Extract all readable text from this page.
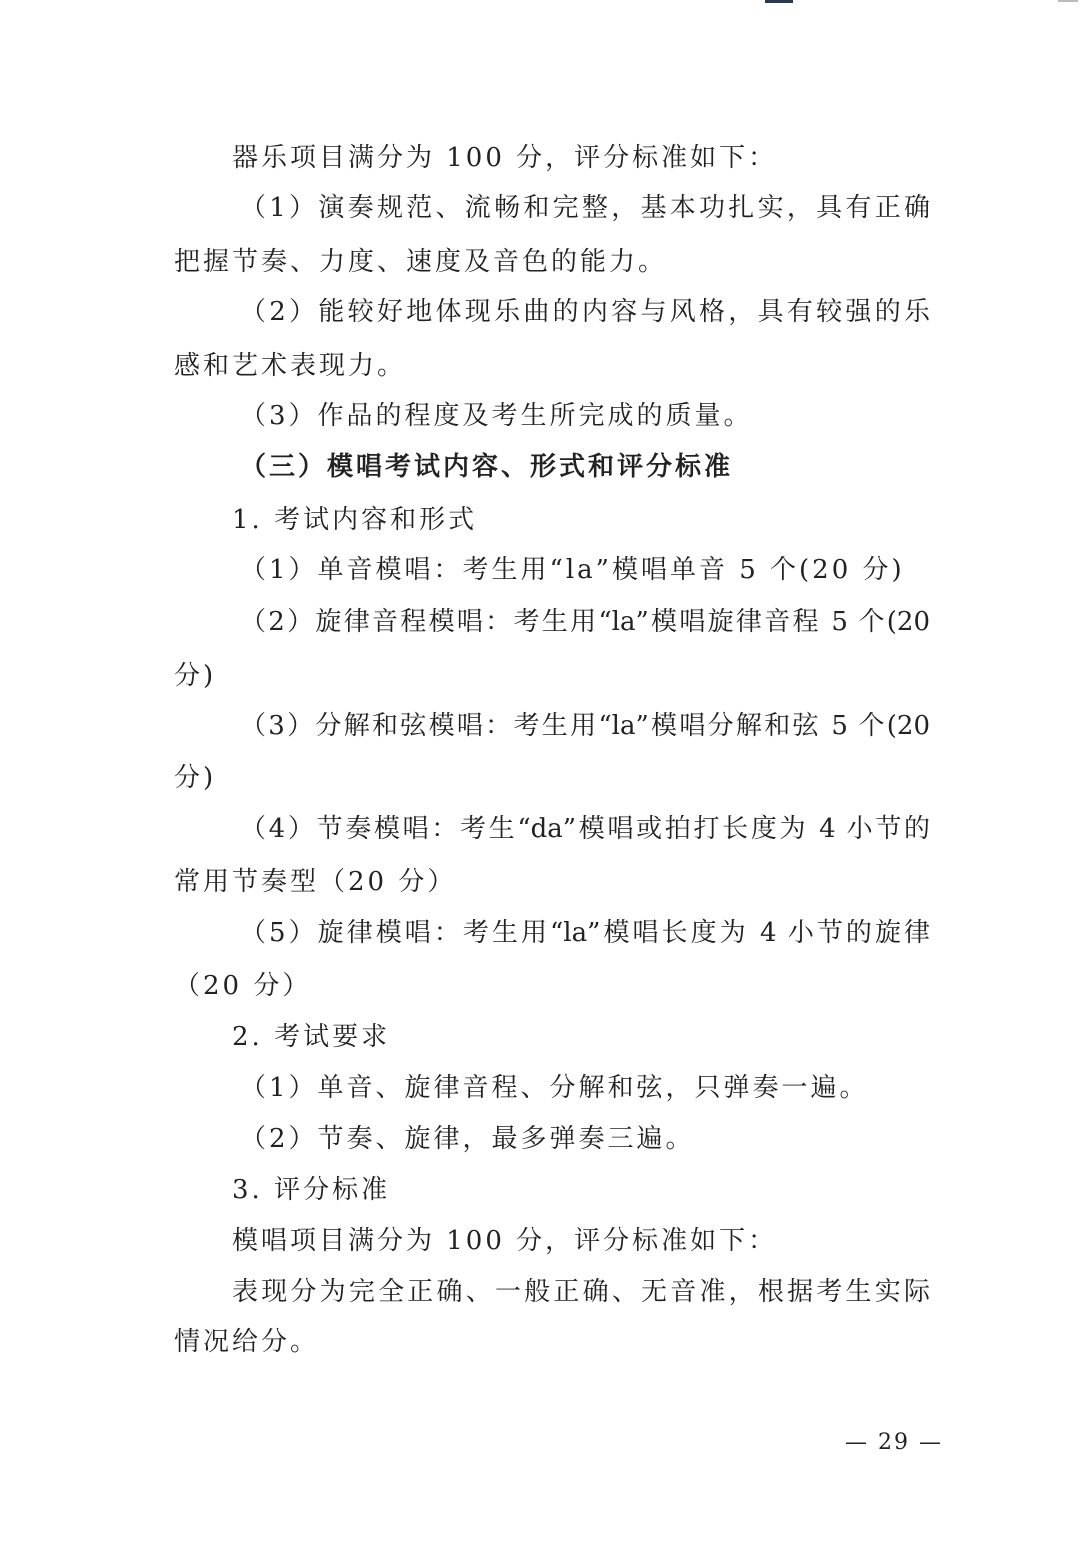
器乐项目满分为 100 分，评分标准如下：
（1）演奏规范、流畅和完整，基本功扎实，具有正确
把握节奏、力度、速度及音色的能力。
（2）能较好地体现乐曲的内容与风格，具有较强的乐
感和艺术表现力。
（3）作品的程度及考生所完成的质量。
（三）模唱考试内容、形式和评分标准
1. 考试内容和形式
（1）单音模唱：考生用“la”模唱单音 5 个(20 分)
（2）旋律音程模唱：考生用“la”模唱旋律音程 5 个(20
分)
（3）分解和弦模唱：考生用“la”模唱分解和弦 5 个(20
分)
（4）节奏模唱：考生“da”模唱或拍打长度为 4 小节的
常用节奏型（20 分）
（5）旋律模唱：考生用“la”模唱长度为 4 小节的旋律
（20 分）
2. 考试要求
（1）单音、旋律音程、分解和弦，只弹奏一遍。
（2）节奏、旋律，最多弹奏三遍。
3. 评分标准
模唱项目满分为 100 分，评分标准如下：
表现分为完全正确、一般正确、无音准，根据考生实际
情况给分。
— 29 —
